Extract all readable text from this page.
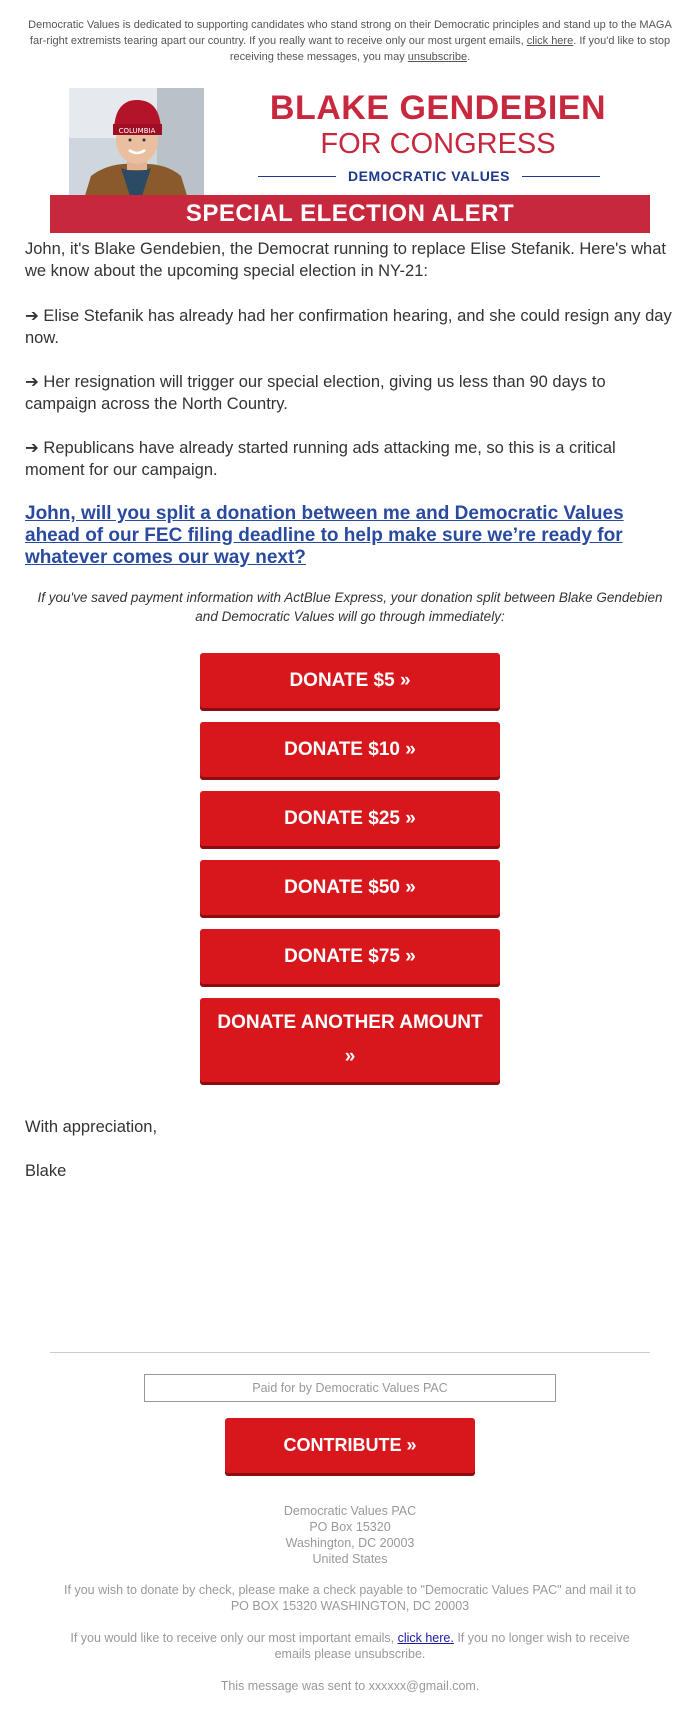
Democratic Values is dedicated to supporting candidates who stand strong on their Democratic principles and stand up to the MAGA far-right extremists tearing apart our country. If you really want to receive only our most urgent emails, click here. If you'd like to stop receiving these messages, you may unsubscribe.
COLUMBIA
BLAKE GENDEBIEN
FOR CONGRESS
DEMOCRATIC VALUES
SPECIAL ELECTION ALERT
John, it's Blake Gendebien, the Democrat running to replace Elise Stefanik. Here's what we know about the upcoming special election in NY-21:
➔ Elise Stefanik has already had her confirmation hearing, and she could resign any day now.
➔ Her resignation will trigger our special election, giving us less than 90 days to campaign across the North Country.
➔ Republicans have already started running ads attacking me, so this is a critical moment for our campaign.
John, will you split a donation between me and Democratic Values ahead of our FEC filing deadline to help make sure we’re ready for whatever comes our way next?
If you've saved payment information with ActBlue Express, your donation split between Blake Gendebien and Democratic Values will go through immediately:
DONATE $5 »
DONATE $10 »
DONATE $25 »
DONATE $50 »
DONATE $75 »
DONATE ANOTHER AMOUNT
»
With appreciation,
Blake
Paid for by Democratic Values PAC
CONTRIBUTE »
Democratic Values PAC
PO Box 15320
Washington, DC 20003
United States
If you wish to donate by check, please make a check payable to "Democratic Values PAC" and mail it to PO BOX 15320 WASHINGTON, DC 20003
If you would like to receive only our most important emails, click here. If you no longer wish to receive emails please unsubscribe.
This message was sent to xxxxxx@gmail.com.
